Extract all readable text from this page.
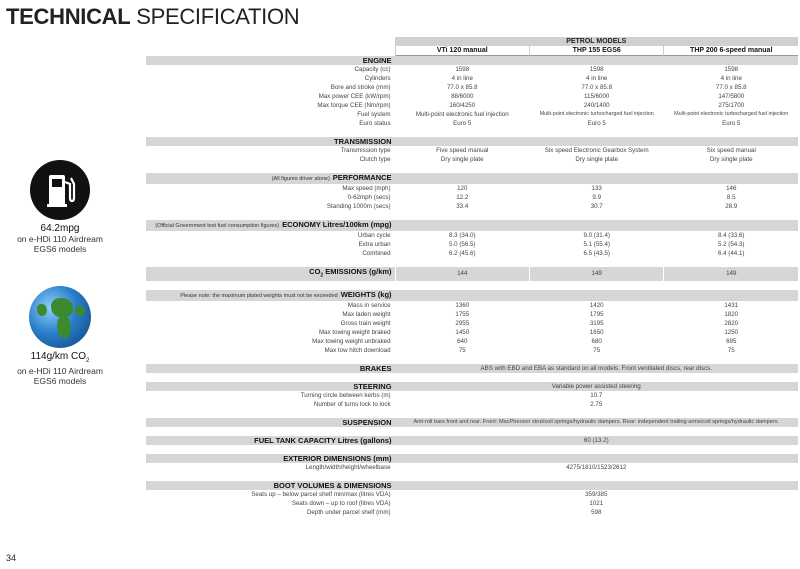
TECHNICAL SPECIFICATION
64.2mpg
on e-HDi 110 Airdream
EGS6 models
114g/km $CO_2$
on e-HDi 110 Airdream
EGS6 models
	PETROL MODELS		
	VTi 120 manual	THP 155 EGS6	THP 200 6-speed manual
ENGINE			
Capacity (cc)	1598	1598	1598
Cylinders	4 in line	4 in line	4 in line
Bore and stroke (mm)	77.0 x 85.8	77.0 x 85.8	77.0 x 85.8
Max power CEE (kW/rpm)	88/6000	115/6000	147/5800
Max torque CEE (Nm/rpm)	160/4250	240/1400	275/1700
Fuel system	Multi-point electronic fuel injection	Multi-point electronic turbocharged fuel injection	Multi-point electronic turbocharged fuel injection
Euro status	Euro 5	Euro 5	Euro 5

TRANSMISSION			
Transmission type	Five speed manual	Six speed Electronic Gearbox System	Six speed manual
Clutch type	Dry single plate	Dry single plate	Dry single plate

(All figures driver alone) PERFORMANCE			
Max speed (mph)	120	133	146
0-62mph (secs)	12.2	9.9	8.5
Standing 1000m (secs)	33.4	30.7	28.9

(Official Government test fuel consumption figures) ECONOMY Litres/100km (mpg)			
Urban cycle	8.3 (34.0)	9.0 (31.4)	8.4 (33.6)
Extra urban	5.0 (56.5)	5.1 (55.4)	5.2 (54.3)
Combined	6.2 (45.6)	6.5 (43.5)	6.4 (44.1)

$CO_2$ EMISSIONS (g/km)	144	149	149

Please note: the maximum plated weights must not be exceeded WEIGHTS (kg)			
Mass in service	1360	1420	1431
Max laden weight	1755	1795	1820
Gross train weight	2955	3195	2820
Max towing weight braked	1450	1650	1250
Max towing weight unbraked	640	680	695
Max tow hitch download	75	75	75

BRAKES	ABS with EBD and EBA as standard on all models. Front ventilated discs, rear discs.		

STEERING	Variable power assisted steering		
Turning circle between kerbs (m)	10.7		
Number of turns lock to lock	2.75		

SUSPENSION	Anti-roll bars front and rear. Front: MacPherson strut/coil springs/hydraulic dampers. Rear: independent trailing arms/coil springs/hydraulic dampers.		

FUEL TANK CAPACITY Litres (gallons)	60 (13.2)		

EXTERIOR DIMENSIONS (mm)			
Length/width/height/wheelbase	4275/1810/1523/2612		

BOOT VOLUMES & DIMENSIONS			
Seats up – below parcel shelf min/max (litres VDA)	359/385		
Seats down – up to roof (litres VDA)	1021		
Depth under parcel shelf (mm)	598		
34
